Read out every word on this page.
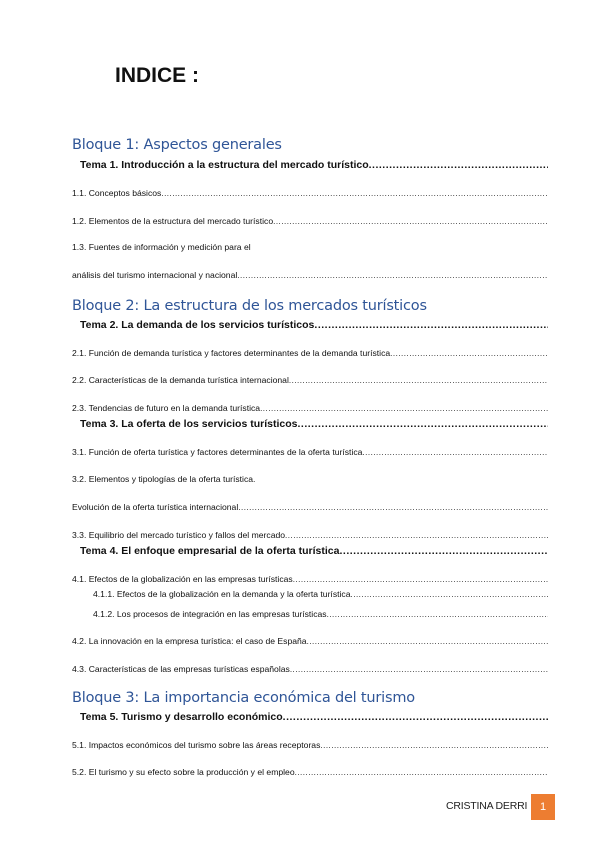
INDICE :
Bloque 1: Aspectos generales
Tema 1. Introducción a la estructura del mercado turístico
.....
1.1. Conceptos básicos
.....
1.2. Elementos de la estructura del mercado turístico
.....
1.3. Fuentes de información y medición para el
análisis del turismo internacional y nacional
.....
Bloque 2: La estructura de los mercados turísticos
Tema 2. La demanda de los servicios turísticos
.....
2.1. Función de demanda turística y factores determinantes de la demanda turística
.....
2.2. Características de la demanda turística internacional
.....
2.3. Tendencias de futuro en la demanda turística
.....
Tema 3. La oferta de los servicios turísticos
.....
3.1. Función de oferta turística y factores determinantes de la oferta turística
.....
3.2. Elementos y tipologías de la oferta turística.
Evolución de la oferta turística internacional
.....
3.3. Equilibrio del mercado turístico y fallos del mercado
.....
Tema 4. El enfoque empresarial de la oferta turística
.....
4.1. Efectos de la globalización en las empresas turísticas
.....
4.1.1. Efectos de la globalización en la demanda y la oferta turística
.....
4.1.2. Los procesos de integración en las empresas turísticas
.....
4.2. La innovación en la empresa turística: el caso de España
.....
4.3. Características de las empresas turísticas españolas
.....
Bloque 3: La importancia económica del turismo
Tema 5. Turismo y desarrollo económico
.....
5.1. Impactos económicos del turismo sobre las áreas receptoras
.....
5.2. El turismo y su efecto sobre la producción y el empleo
.....
CRISTINA DERRI	1
